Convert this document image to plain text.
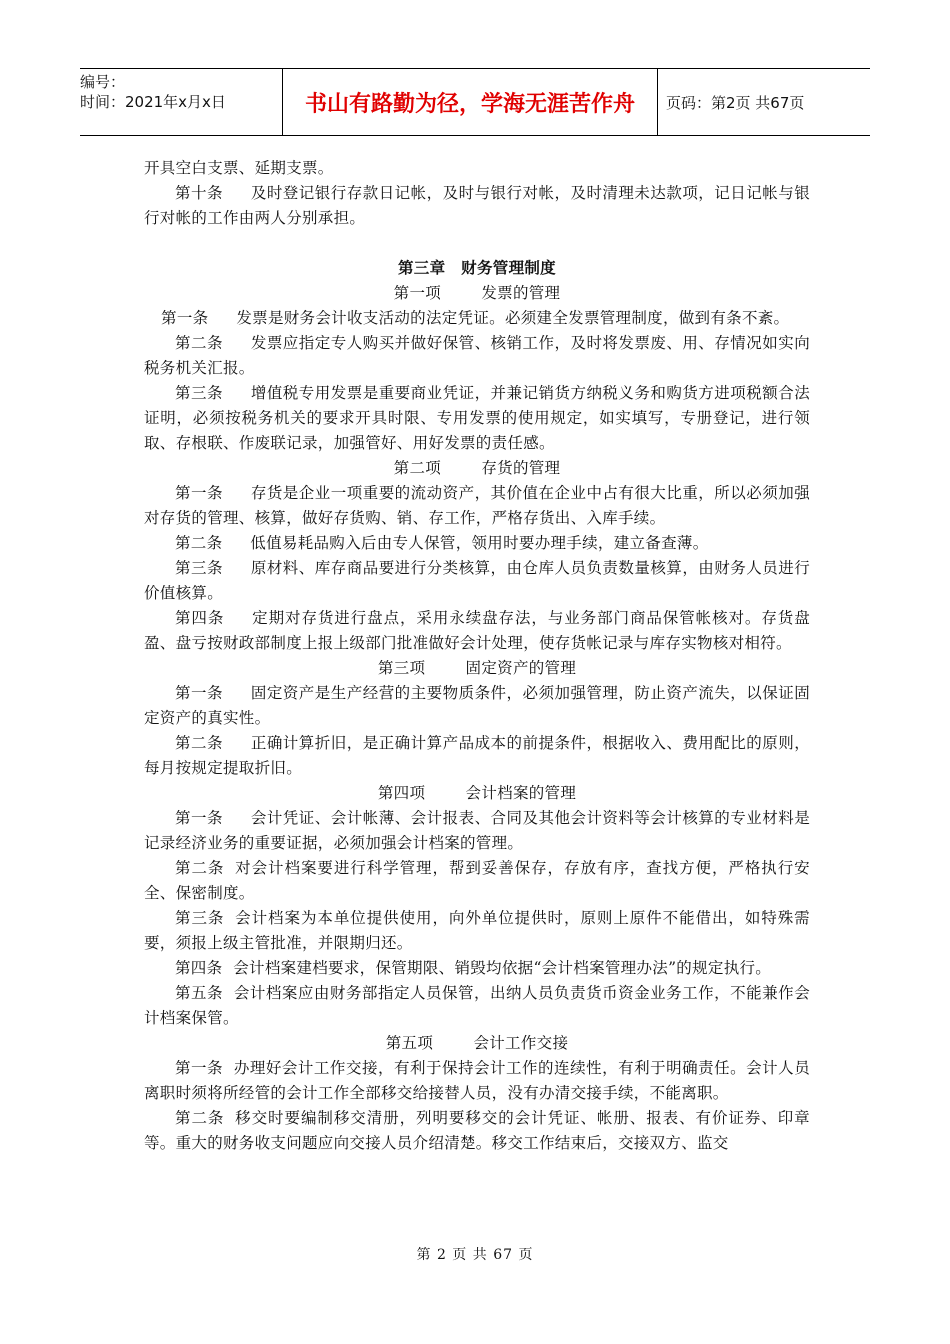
编号：
时间：2021年x月x日	书山有路勤为径，学海无涯苦作舟	页码：第2页 共67页

开具空白支票、延期支票。

第十条 及时登记银行存款日记帐，及时与银行对帐，及时清理未达款项，记日记帐与银行对帐的工作由两人分别承担。

第三章　财务管理制度

第一项	发票的管理

第一条 发票是财务会计收支活动的法定凭证。必须建全发票管理制度，做到有条不紊。

第二条 发票应指定专人购买并做好保管、核销工作，及时将发票废、用、存情况如实向税务机关汇报。

第三条 增值税专用发票是重要商业凭证，并兼记销货方纳税义务和购货方进项税额合法证明，必须按税务机关的要求开具时限、专用发票的使用规定，如实填写，专册登记，进行领取、存根联、作废联记录，加强管好、用好发票的责任感。

第二项	存货的管理

第一条 存货是企业一项重要的流动资产，其价值在企业中占有很大比重，所以必须加强对存货的管理、核算，做好存货购、销、存工作，严格存货出、入库手续。

第二条 低值易耗品购入后由专人保管，领用时要办理手续，建立备查薄。

第三条 原材料、库存商品要进行分类核算，由仓库人员负责数量核算，由财务人员进行价值核算。

第四条 定期对存货进行盘点，采用永续盘存法，与业务部门商品保管帐核对。存货盘盈、盘亏按财政部制度上报上级部门批准做好会计处理，使存货帐记录与库存实物核对相符。

第三项	固定资产的管理

第一条 固定资产是生产经营的主要物质条件，必须加强管理，防止资产流失，以保证固定资产的真实性。

第二条 正确计算折旧，是正确计算产品成本的前提条件，根据收入、费用配比的原则，每月按规定提取折旧。

第四项	会计档案的管理

第一条 会计凭证、会计帐薄、会计报表、合同及其他会计资料等会计核算的专业材料是记录经济业务的重要证据，必须加强会计档案的管理。

第二条 对会计档案要进行科学管理，帮到妥善保存，存放有序，查找方便，严格执行安全、保密制度。

第三条 会计档案为本单位提供使用，向外单位提供时，原则上原件不能借出，如特殊需要，须报上级主管批准，并限期归还。

第四条 会计档案建档要求，保管期限、销毁均依据“会计档案管理办法”的规定执行。

第五条 会计档案应由财务部指定人员保管，出纳人员负责货币资金业务工作，不能兼作会计档案保管。

第五项	会计工作交接

第一条 办理好会计工作交接，有利于保持会计工作的连续性，有利于明确责任。会计人员离职时须将所经管的会计工作全部移交给接替人员，没有办清交接手续，不能离职。

第二条 移交时要编制移交清册，列明要移交的会计凭证、帐册、报表、有价证券、印章等。重大的财务收支问题应向交接人员介绍清楚。移交工作结束后，交接双方、监交

第 2 页 共 67 页
